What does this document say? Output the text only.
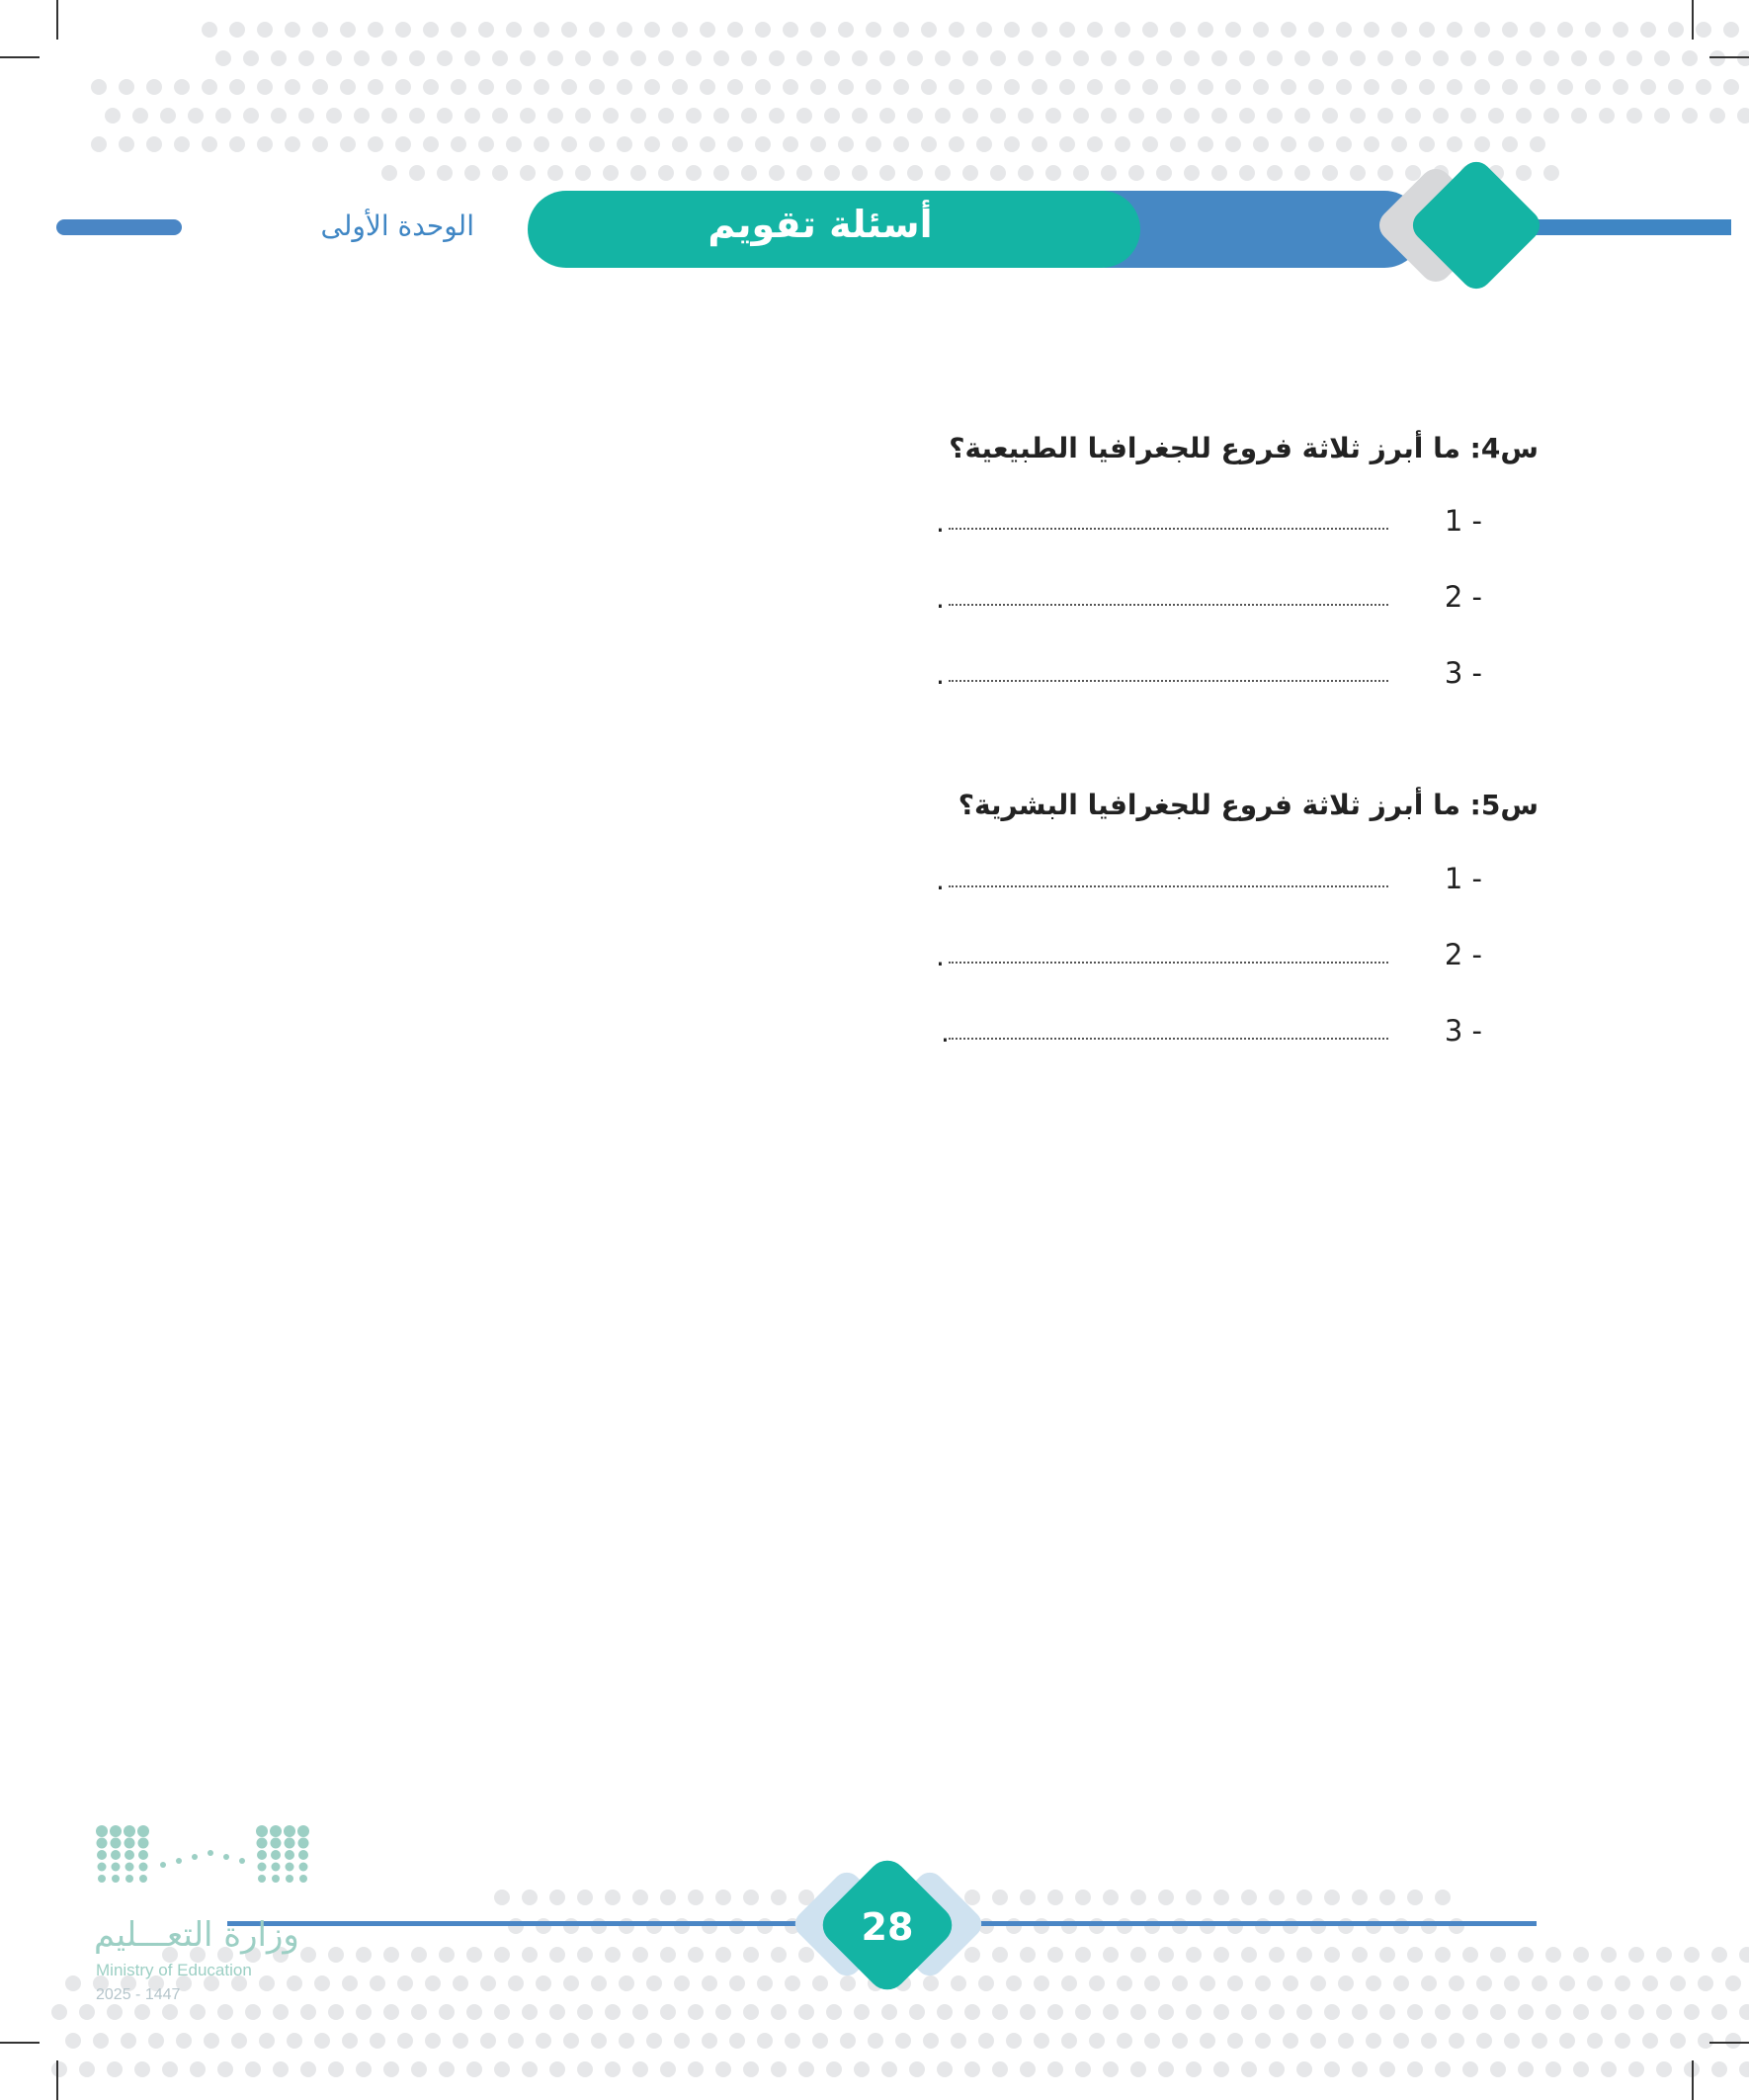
الوحدة الأولى	أسئلة تقويم
س4: ما أبرز ثلاثة فروع للجغرافيا الطبيعية؟
1 -
.
2 -
.
3 -
.
س5: ما أبرز ثلاثة فروع للجغرافيا البشرية؟
1 -
.
2 -
.
3 -
.
28
وزارة التعـــليم
Ministry of Education
2025 - 1447
